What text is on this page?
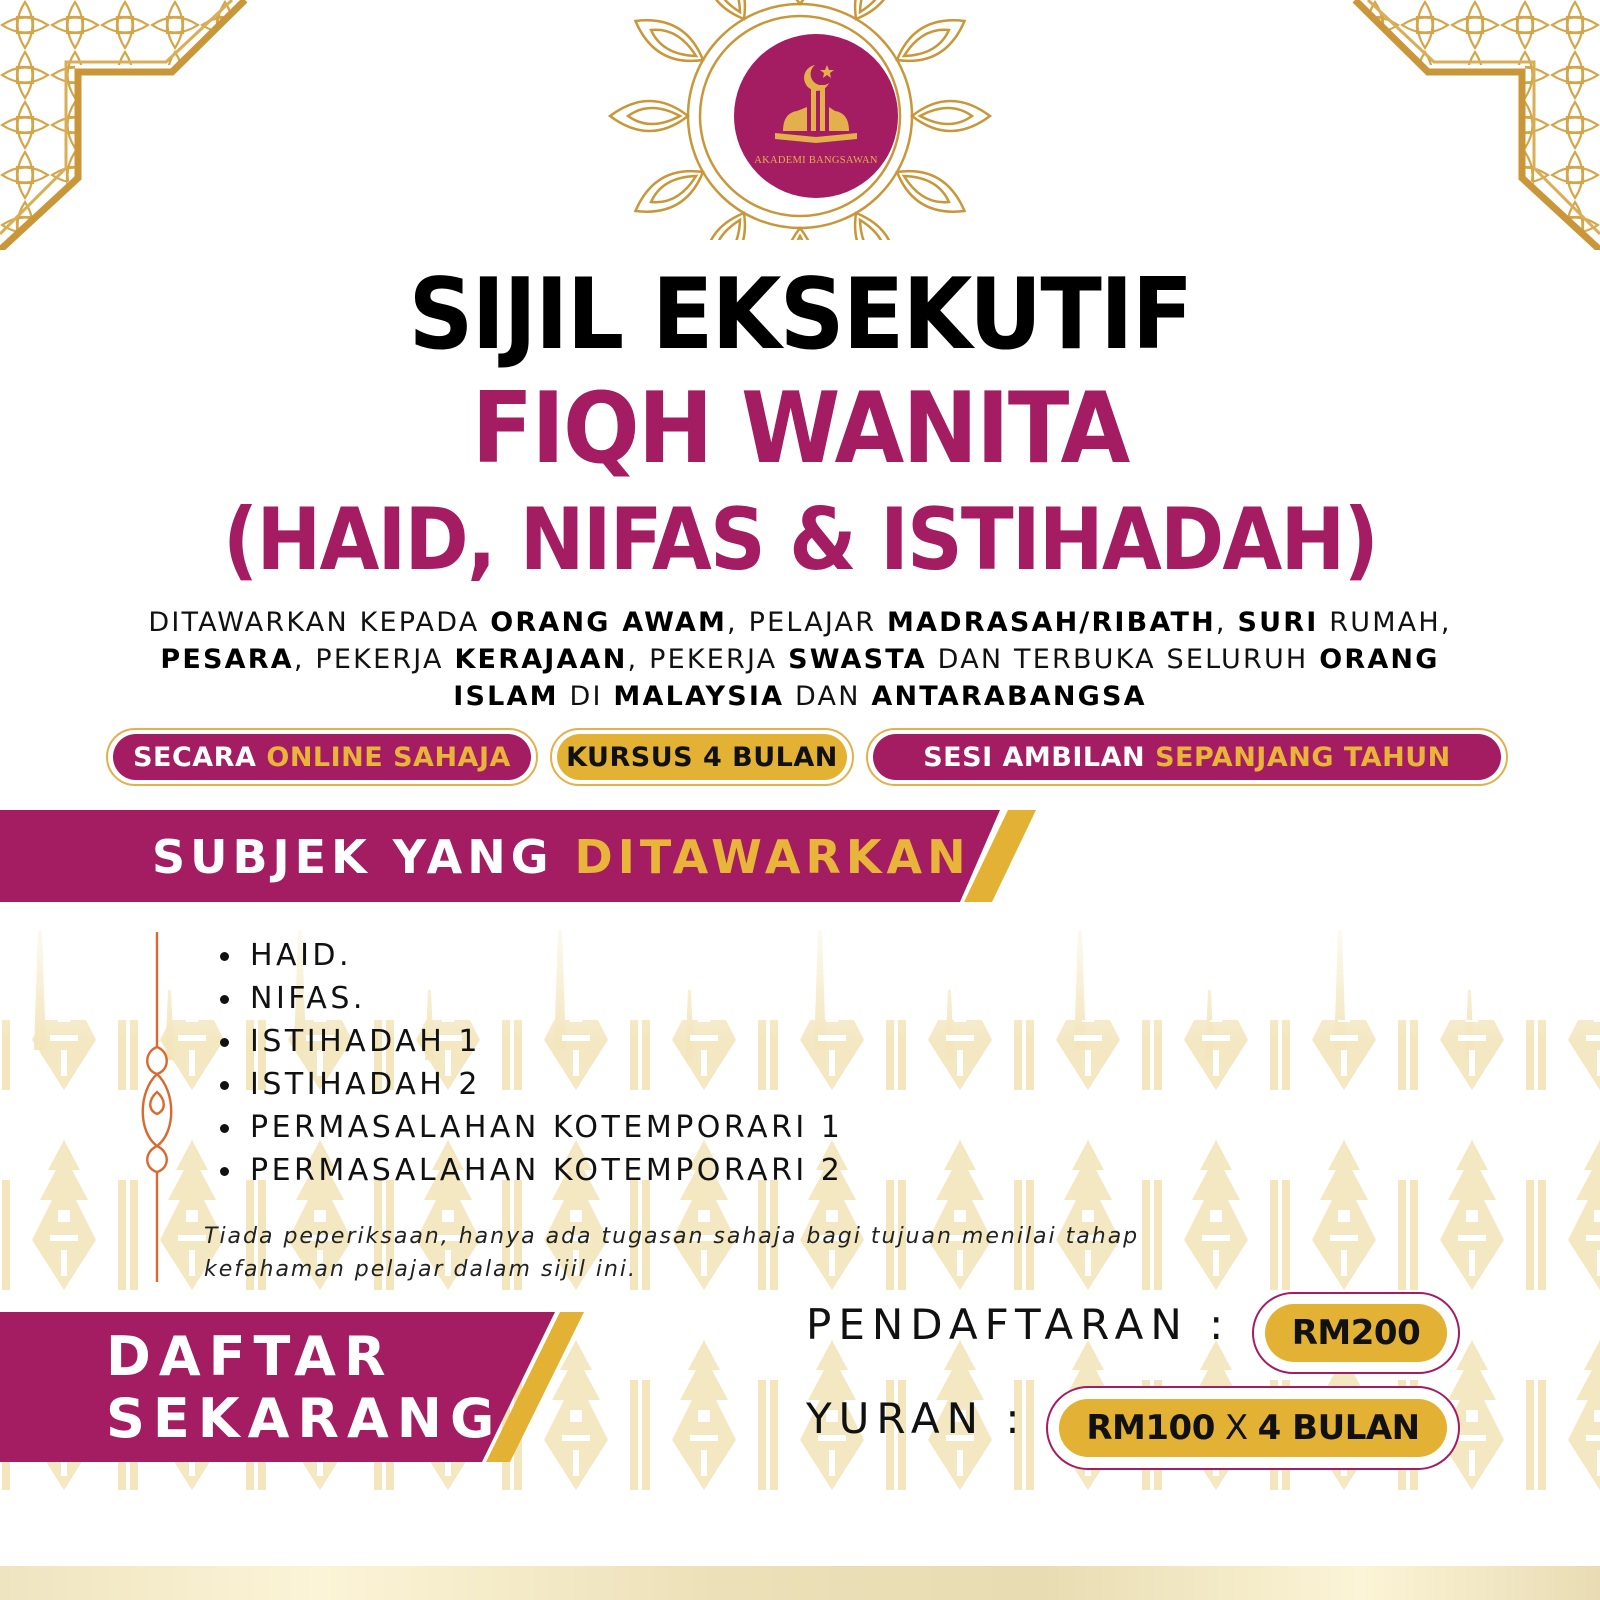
AKADEMI BANGSAWAN
SIJIL EKSEKUTIF
FIQH WANITA
(HAID, NIFAS & ISTIHADAH)
DITAWARKAN KEPADA ORANG AWAM, PELAJAR MADRASAH/RIBATH, SURI RUMAH,
PESARA, PEKERJA KERAJAAN, PEKERJA SWASTA DAN TERBUKA SELURUH ORANG ISLAM DI MALAYSIA DAN ANTARABANGSA
SECARA ONLINE SAHAJA KURSUS 4 BULAN	SESI AMBILAN SEPANJANG TAHUN
SUBJEK YANG DITAWARKAN
HAID.
NIFAS.
ISTIHADAH 1
ISTIHADAH 2
PERMASALAHAN KOTEMPORARI 1
PERMASALAHAN KOTEMPORARI 2
Tiada peperiksaan, hanya ada tugasan sahaja bagi tujuan menilai tahap
kefahaman pelajar dalam sijil ini.
DAFTAR
SEKARANG
PENDAFTARAN : RM200
YURAN : RM100 X 4 BULAN
